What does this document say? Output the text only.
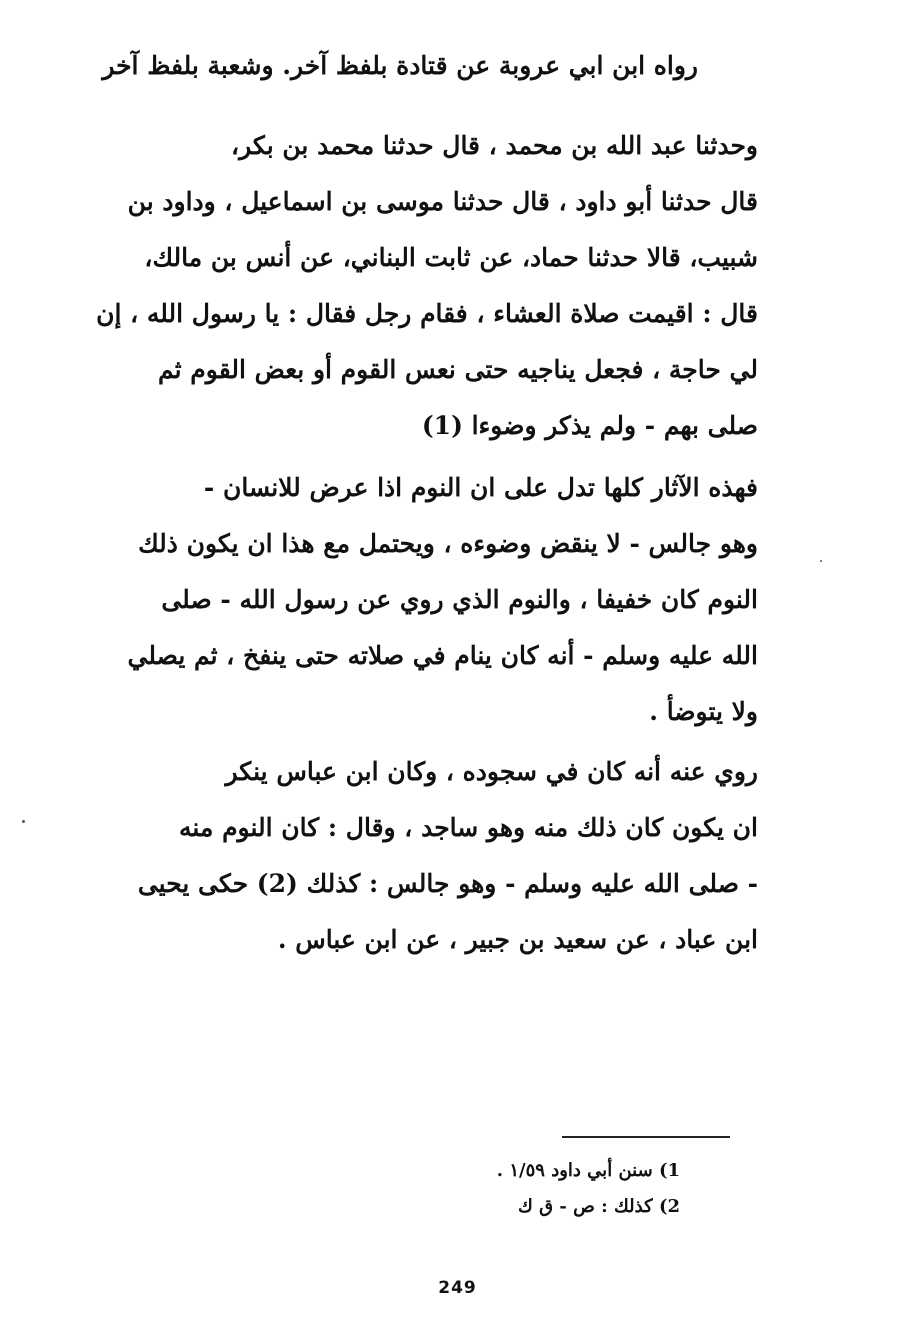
رواه ابن ابي عروبة عن قتادة بلفظ آخر. وشعبة بلفظ آخر

وحدثنا عبد الله بن محمد ، قال حدثنا محمد بن بكر،
قال حدثنا أبو داود ، قال حدثنا موسى بن اسماعيل ، وداود بن
شبيب، قالا حدثنا حماد، عن ثابت البناني، عن أنس بن مالك،
قال : اقيمت صلاة العشاء ، فقام رجل فقال : يا رسول الله ، إن
لي حاجة ، فجعل يناجيه حتى نعس القوم أو بعض القوم ثم
صلى بهم - ولم يذكر وضوءا (1)

فهذه الآثار كلها تدل على ان النوم اذا عرض للانسان -
وهو جالس - لا ينقض وضوءه ، ويحتمل مع هذا ان يكون ذلك
النوم كان خفيفا ، والنوم الذي روي عن رسول الله - صلى
الله عليه وسلم - أنه كان ينام في صلاته حتى ينفخ ، ثم يصلي
ولا يتوضأ .

روي عنه أنه كان في سجوده ، وكان ابن عباس ينكر
ان يكون كان ذلك منه وهو ساجد ، وقال : كان النوم منه
- صلى الله عليه وسلم - وهو جالس : كذلك (2) حكى يحيى
ابن عباد ، عن سعيد بن جبير ، عن ابن عباس .

1) سنن أبي داود ١/٥٩ .
2) كذلك : ص - ق ك
249
